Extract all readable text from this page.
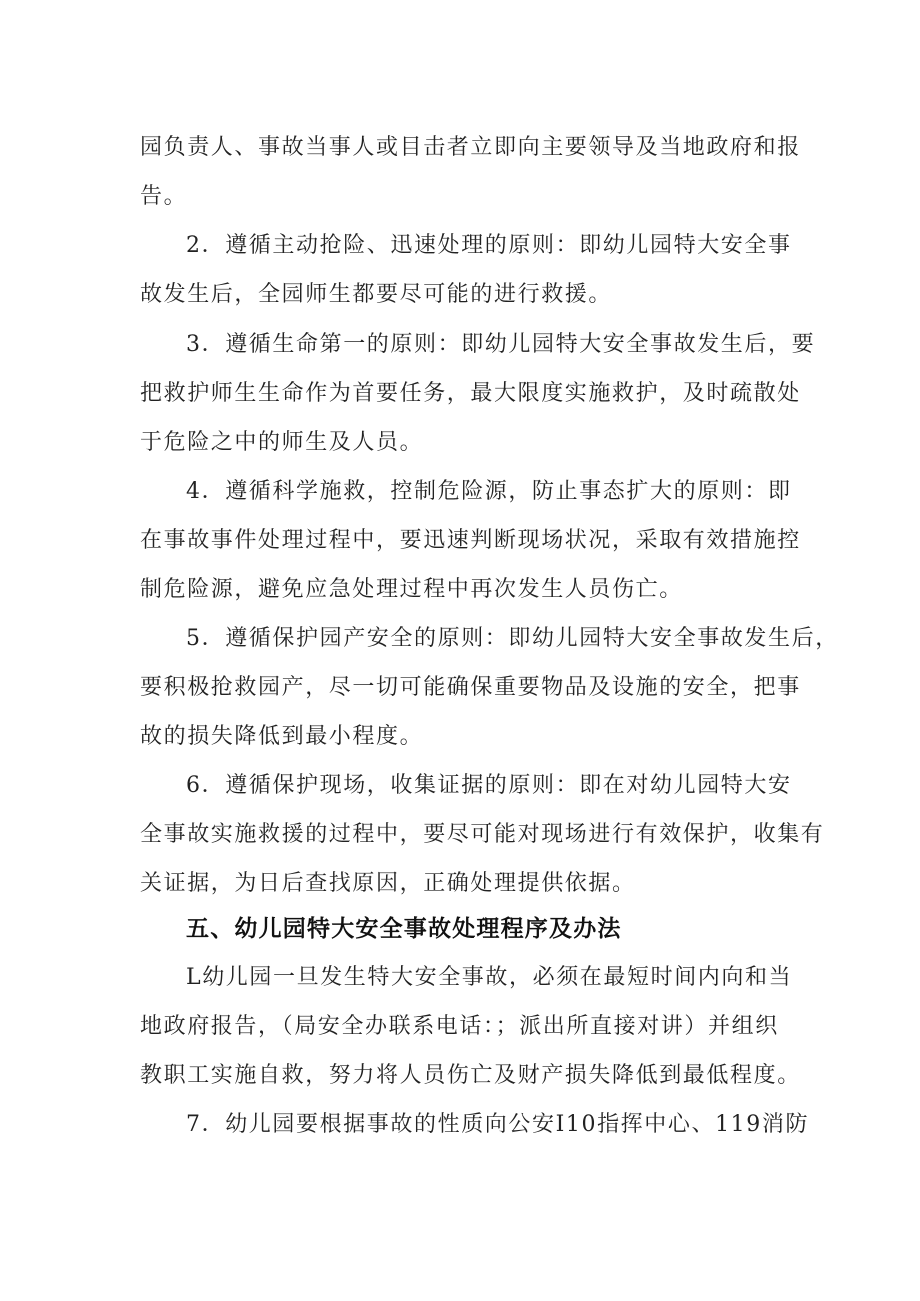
园负责人、事故当事人或目击者立即向主要领导及当地政府和报
告。
2．遵循主动抢险、迅速处理的原则：即幼儿园特大安全事
故发生后，全园师生都要尽可能的进行救援。
3．遵循生命第一的原则：即幼儿园特大安全事故发生后，要
把救护师生生命作为首要任务，最大限度实施救护，及时疏散处
于危险之中的师生及人员。
4．遵循科学施救，控制危险源，防止事态扩大的原则：即
在事故事件处理过程中，要迅速判断现场状况，采取有效措施控
制危险源，避免应急处理过程中再次发生人员伤亡。
5．遵循保护园产安全的原则：即幼儿园特大安全事故发生后，
要积极抢救园产，尽一切可能确保重要物品及设施的安全，把事
故的损失降低到最小程度。
6．遵循保护现场，收集证据的原则：即在对幼儿园特大安
全事故实施救援的过程中，要尽可能对现场进行有效保护，收集有
关证据，为日后查找原因，正确处理提供依据。
五、幼儿园特大安全事故处理程序及办法
L幼儿园一旦发生特大安全事故，必须在最短时间内向和当
地政府报告，（局安全办联系电话：；派出所直接对讲）并组织
教职工实施自救，努力将人员伤亡及财产损失降低到最低程度。
7．幼儿园要根据事故的性质向公安I10指挥中心、119消防
